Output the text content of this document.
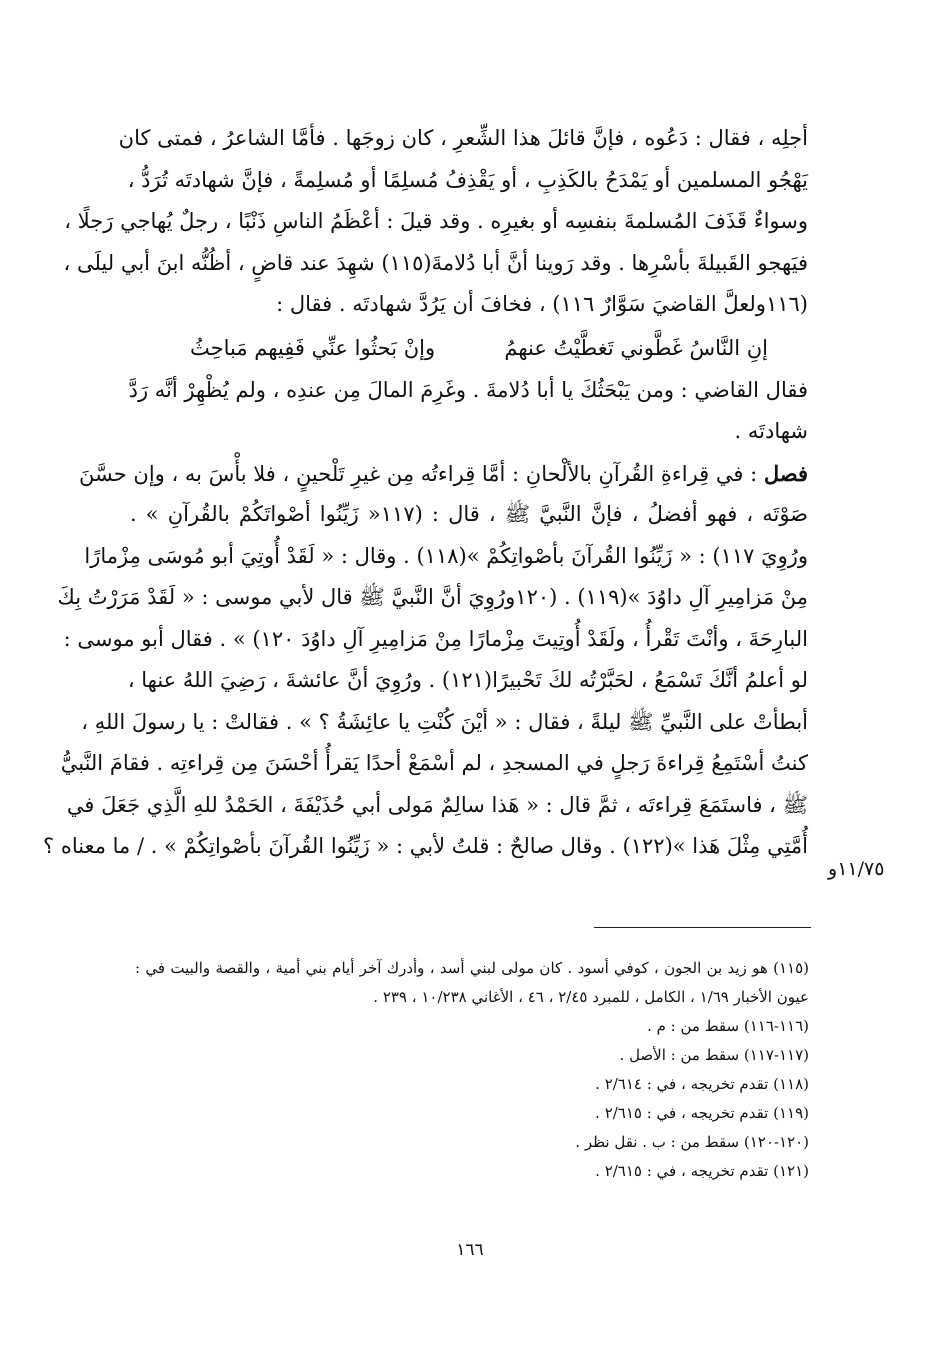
أجلِه ، فقال : دَعُوه ، فإنَّ قائلَ هذا الشِّعرِ ، كان زوجَها . فأمَّا الشاعرُ ، فمتى كان
يَهْجُو المسلمين أو يَمْدَحُ بالكَذِبِ ، أو يَقْذِفُ مُسلِمًا أو مُسلِمةً ، فإنَّ شهادتَه تُرَدُّ ،
وسواءٌ قَذَفَ المُسلمةَ بنفسِه أو بغيرِه . وقد قيلَ : أعْظَمُ الناسِ ذَنْبًا ، رجلٌ يُهاجي رَجلًا ،
فيَهجو القَبيلةَ بأسْرِها . وقد رَوينا أنَّ أبا دُلامةَ(١١٥) شهِدَ عند قاضٍ ، أظُنُّه ابنَ أبي ليلَى ،
(١١٦ولعلَّ القاضيَ سَوَّارٌ ١١٦) ، فخافَ أن يَرُدَّ شهادتَه . فقال :
إنِ النَّاسُ غَطَّوني تَغطَّيْتُ عنهمُ
وإنْ بَحثُوا عنِّي فَفِيهم مَباحِثُ
فقال القاضي : ومن يَبْحَثُكَ يا أبا دُلامةَ . وغَرِمَ المالَ مِن عندِه ، ولم يُظْهِرْ أنَّه رَدَّ
شهادتَه .
فصل : في قِراءةِ القُرآنِ بالألْحانِ : أمَّا قِراءتُه مِن غيرِ تَلْحينٍ ، فلا بأْسَ به ، وإن حسَّنَ
صَوْتَه ، فهو أفضلُ ، فإنَّ النَّبيَّ ﷺ ، قال : (١١٧« زَيِّنُوا أصْواتَكُمْ بالقُرآنِ » .
ورُوِيَ ١١٧) : « زَيِّنُوا القُرآنَ بأصْواتِكُمْ »(١١٨) . وقال : « لَقَدْ أُوتِيَ أبو مُوسَى مِزْمارًا
مِنْ مَزامِيرِ آلِ داوُدَ »(١١٩) . (١٢٠ورُوِيَ أنَّ النَّبيَّ ﷺ قال لأبي موسى : « لَقَدْ مَرَرْتُ بِكَ
البارِحَةَ ، وأنْتَ تَقْرأُ ، ولَقَدْ أُوتِيتَ مِزْمارًا مِنْ مَزامِيرِ آلِ داوُدَ ١٢٠) » . فقال أبو موسى :
لو أعلمُ أنَّكَ تَسْمَعُ ، لحَبَّرْتُه لكَ تَحْبيرًا(١٢١) . ورُوِيَ أنَّ عائشةَ ، رَضِيَ اللهُ عنها ،
أبطأتْ على النَّبيِّ ﷺ ليلةً ، فقال : « أيْنَ كُنْتِ يا عائِشَةُ ؟ » . فقالتْ : يا رسولَ اللهِ ،
كنتُ أسْتَمِعُ قِراءةَ رَجلٍ في المسجدِ ، لم أسْمَعْ أحدًا يَقرأُ أحْسَنَ مِن قِراءتِه . فقامَ النَّبيُّ
ﷺ ، فاستَمَعَ قِراءتَه ، ثمَّ قال : « هَذا سالِمٌ مَولى أبي حُذَيْفَةَ ، الحَمْدُ للهِ الَّذِي جَعَلَ في
أُمَّتِي مِثْلَ هَذا »(١٢٢) . وقال صالحٌ : قلتُ لأبي : « زَيِّنُوا القُرآنَ بأصْواتِكُمْ » . / ما معناه ؟
١١/٧٥و
(١١٥) هو زيد بن الجون ، كوفي أسود . كان مولى لبني أسد ، وأدرك آخر أيام بني أمية ، والقصة والبيت في : عيون الأخبار ١/٦٩ ، الكامل ، للمبرد ٢/٤٥ ، ٤٦ ، الأغاني ١٠/٢٣٨ ، ٢٣٩ .
(١١٦-١١٦) سقط من : م .
(١١٧-١١٧) سقط من : الأصل .
(١١٨) تقدم تخريجه ، في : ٢/٦١٤ .
(١١٩) تقدم تخريجه ، في : ٢/٦١٥ .
(١٢٠-١٢٠) سقط من : ب . نقل نظر .
(١٢١) تقدم تخريجه ، في : ٢/٦١٥ .
١٦٦
